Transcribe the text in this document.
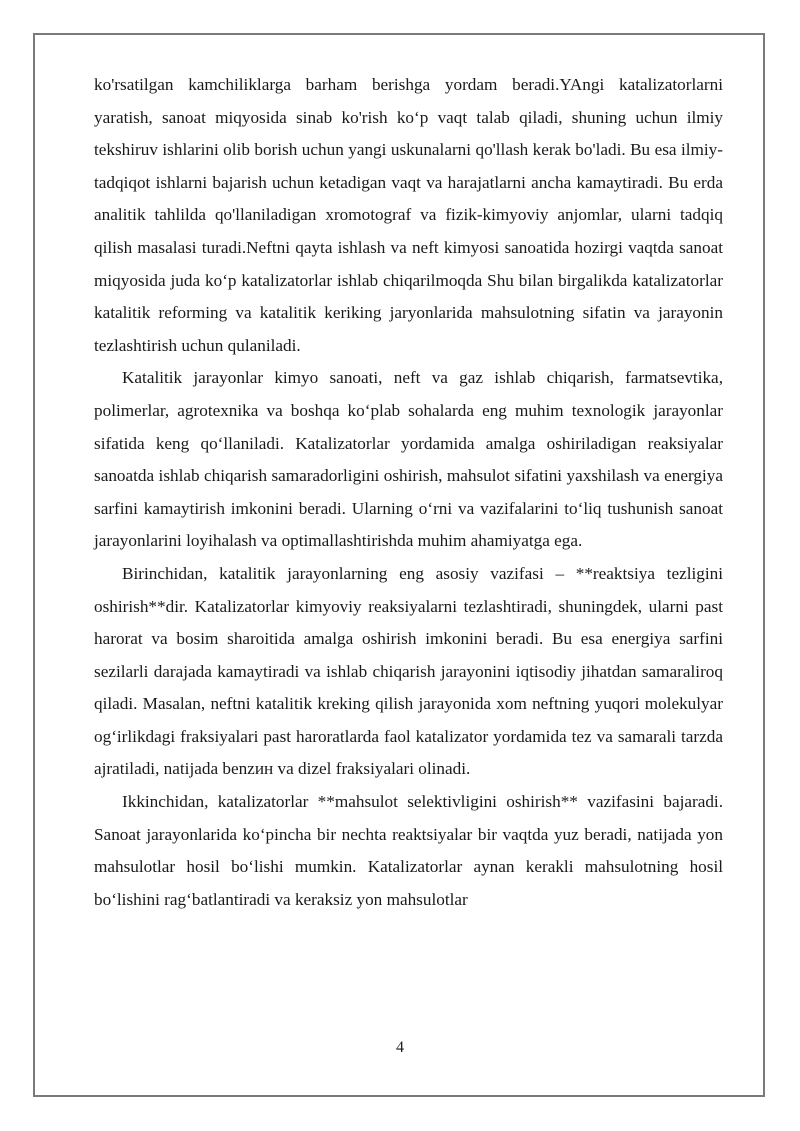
ko'rsatilgan kamchiliklarga barham berishga yordam beradi.YAngi katalizatorlarni yaratish, sanoat miqyosida sinab ko'rish ko‘p vaqt talab qiladi, shuning uchun ilmiy tekshiruv ishlarini olib borish uchun yangi uskunalarni qo'llash kerak bo'ladi. Bu esa ilmiy-tadqiqot ishlarni bajarish uchun ketadigan vaqt va harajatlarni ancha kamaytiradi. Bu erda analitik tahlilda qo'llaniladigan xromotograf va fizik-kimyoviy anjomlar, ularni tadqiq qilish masalasi turadi.Neftni qayta ishlash va neft kimyosi sanoatida hozirgi vaqtda sanoat miqyosida juda ko‘p katalizatorlar ishlab chiqarilmoqda Shu bilan birgalikda katalizatorlar katalitik reforming va katalitik keriking jaryonlarida mahsulotning sifatin va jarayonin tezlashtirish uchun qulaniladi.

Katalitik jarayonlar kimyo sanoati, neft va gaz ishlab chiqarish, farmatsevtika, polimerlar, agrotexnika va boshqa ko‘plab sohalarda eng muhim texnologik jarayonlar sifatida keng qo‘llaniladi. Katalizatorlar yordamida amalga oshiriladigan reaksiyalar sanoatda ishlab chiqarish samaradorligini oshirish, mahsulot sifatini yaxshilash va energiya sarfini kamaytirish imkonini beradi. Ularning o‘rni va vazifalarini to‘liq tushunish sanoat jarayonlarini loyihalash va optimallashtirishda muhim ahamiyatga ega.

Birinchidan, katalitik jarayonlarning eng asosiy vazifasi – **reaktsiya tezligini oshirish**dir. Katalizatorlar kimyoviy reaksiyalarni tezlashtiradi, shuningdek, ularni past harorat va bosim sharoitida amalga oshirish imkonini beradi. Bu esa energiya sarfini sezilarli darajada kamaytiradi va ishlab chiqarish jarayonini iqtisodiy jihatdan samaraliroq qiladi. Masalan, neftni katalitik kreking qilish jarayonida xom neftning yuqori molekulyar og‘irlikdagi fraksiyalari past haroratlarda faol katalizator yordamida tez va samarali tarzda ajratiladi, natijada benzин va dizel fraksiyalari olinadi.

Ikkinchidan, katalizatorlar **mahsulot selektivligini oshirish** vazifasini bajaradi. Sanoat jarayonlarida ko‘pincha bir nechta reaktsiyalar bir vaqtda yuz beradi, natijada yon mahsulotlar hosil bo‘lishi mumkin. Katalizatorlar aynan kerakli mahsulotning hosil bo‘lishini rag‘batlantiradi va keraksiz yon mahsulotlar

4
